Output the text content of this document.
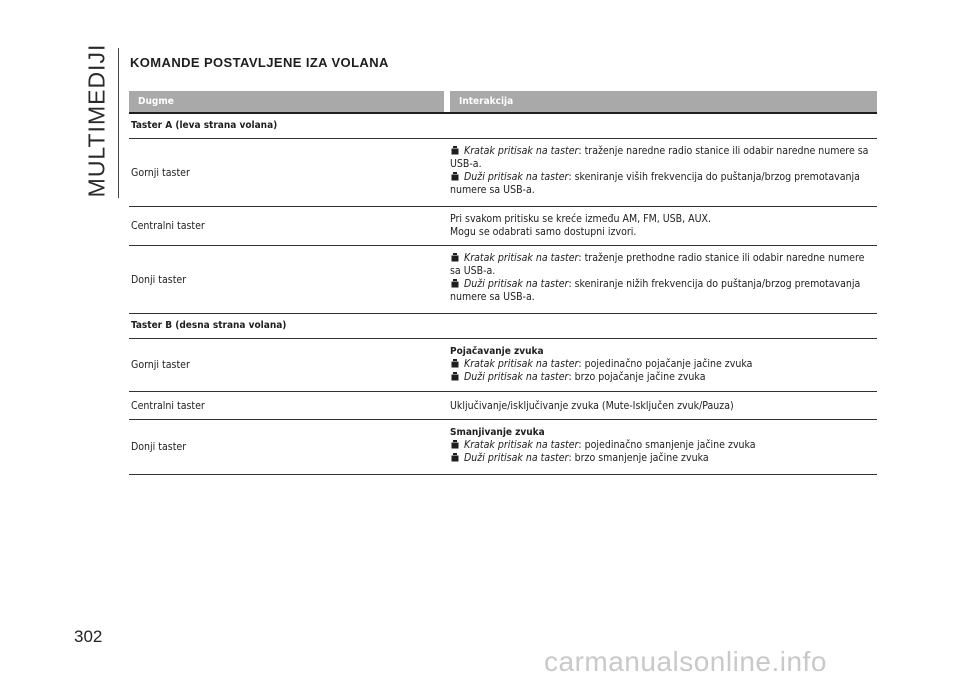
MULTIMEDIJI KOMANDE POSTAVLJENE IZA VOLANA
Dugme	Interakcija
Taster A (leva strana volana)
Gornji taster
Kratak pritisak na taster: traženje naredne radio stanice ili odabir naredne numere sa USB-a.
Duži pritisak na taster: skeniranje viših frekvencija do puštanja/brzog premotavanja numere sa USB-a.
Centralni taster
Pri svakom pritisku se kreće između AM, FM, USB, AUX.
Mogu se odabrati samo dostupni izvori.
Donji taster
Kratak pritisak na taster: traženje prethodne radio stanice ili odabir naredne numere sa USB-a.
Duži pritisak na taster: skeniranje nižih frekvencija do puštanja/brzog premotavanja numere sa USB-a.
Taster B (desna strana volana)
Gornji taster
Pojačavanje zvuka
Kratak pritisak na taster: pojedinačno pojačanje jačine zvuka
Duži pritisak na taster: brzo pojačanje jačine zvuka
Centralni taster	Uključivanje/isključivanje zvuka (Mute-Isključen zvuk/Pauza)
Donji taster
Smanjivanje zvuka
Kratak pritisak na taster: pojedinačno smanjenje jačine zvuka
Duži pritisak na taster: brzo smanjenje jačine zvuka
302

carmanualsonline.info
